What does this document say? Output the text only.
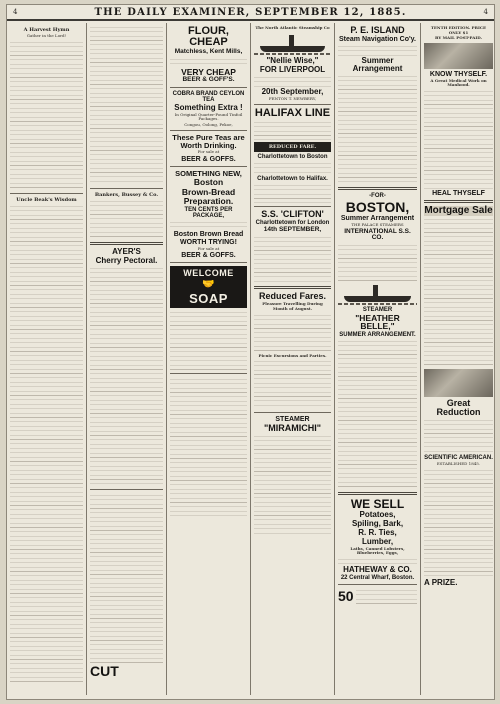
4	THE DAILY EXAMINER, SEPTEMBER 12, 1885.	4
A Harvest Hymn
Gather in the Lord!
Uncle Beak's Wisdom
Bankers, Bussey & Co.
AYER'S
Cherry Pectoral.
CUT
FLOUR, CHEAP
Matchless, Kent Mills,
VERY CHEAP
BEER & GOFF'S.
COBRA BRAND CEYLON TEA
Something Extra !
In Original Quarter-Pound Tinfoil Packages.
Congou, Oolong, Pekoe,
These Pure Teas are Worth Drinking.
For sale at
BEER & GOFFS.
SOMETHING NEW,
Boston
Brown-Bread
Preparation.
TEN CENTS PER PACKAGE,
Boston Brown Bread
WORTH TRYING!
For sale at
BEER & GOFFS.
WELCOME
🤝
SOAP
The North Atlantic Steamship Co
"Nellie Wise,"
FOR LIVERPOOL
20th September,
FENTON T. NEWBERY,
HALIFAX LINE
REDUCED FARE.
Charlottetown to Boston
Charlottetown to Halifax.
S.S. 'CLIFTON'
Charlottetown for London
14th SEPTEMBER,
Reduced Fares.
Pleasure Travelling During
Month of August.
Picnic Excursions and Parties.
STEAMER
"MIRAMICHI"
P. E. ISLAND
Steam Navigation Co'y.
Summer Arrangement
-FOR-
BOSTON,
Summer Arrangement
THE PALACE STEAMERS
INTERNATIONAL S.S. CO.
STEAMER
"HEATHER BELLE,"
SUMMER ARRANGEMENT.
WE SELL
Potatoes,
Spiling, Bark,
R. R. Ties,
Lumber,
Laths, Canned Lobsters, Blueberries, Eggs,
HATHEWAY & CO.
22 Central Wharf, Boston.
50
TENTH EDITION. PRICE ONLY $1
BY MAIL POST-PAID.
KNOW THYSELF.
A Great Medical Work on Manhood.
HEAL THYSELF
Mortgage Sale
Great Reduction
SCIENTIFIC AMERICAN.
ESTABLISHED 1845.
A PRIZE.
